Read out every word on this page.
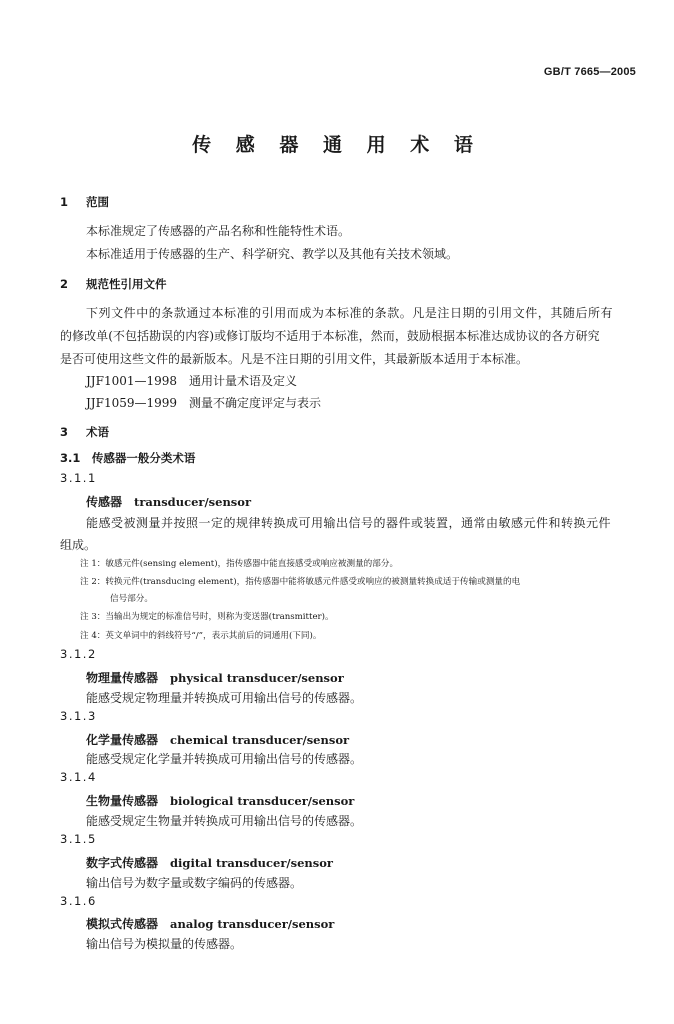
GB/T 7665—2005
传 感 器 通 用 术 语
1 范围
本标准规定了传感器的产品名称和性能特性术语。
本标准适用于传感器的生产、科学研究、教学以及其他有关技术领域。
2 规范性引用文件
下列文件中的条款通过本标准的引用而成为本标准的条款。凡是注日期的引用文件，其随后所有
的修改单(不包括勘误的内容)或修订版均不适用于本标准，然而，鼓励根据本标准达成协议的各方研究
是否可使用这些文件的最新版本。凡是不注日期的引用文件，其最新版本适用于本标准。
JJF1001—1998　通用计量术语及定义
JJF1059—1999　测量不确定度评定与表示
3 术语
3.1　传感器一般分类术语
3.1.1
传感器 transducer/sensor
能感受被测量并按照一定的规律转换成可用输出信号的器件或装置，通常由敏感元件和转换元件
组成。
注 1：敏感元件(sensing element)，指传感器中能直接感受或响应被测量的部分。
注 2：转换元件(transducing element)，指传感器中能将敏感元件感受或响应的被测量转换成适于传输或测量的电
信号部分。
注 3：当输出为规定的标准信号时，则称为变送器(transmitter)。
注 4：英文单词中的斜线符号“/”，表示其前后的词通用(下同)。
3.1.2
物理量传感器 physical transducer/sensor
能感受规定物理量并转换成可用输出信号的传感器。
3.1.3
化学量传感器 chemical transducer/sensor
能感受规定化学量并转换成可用输出信号的传感器。
3.1.4
生物量传感器 biological transducer/sensor
能感受规定生物量并转换成可用输出信号的传感器。
3.1.5
数字式传感器 digital transducer/sensor
输出信号为数字量或数字编码的传感器。
3.1.6
模拟式传感器 analog transducer/sensor
输出信号为模拟量的传感器。
